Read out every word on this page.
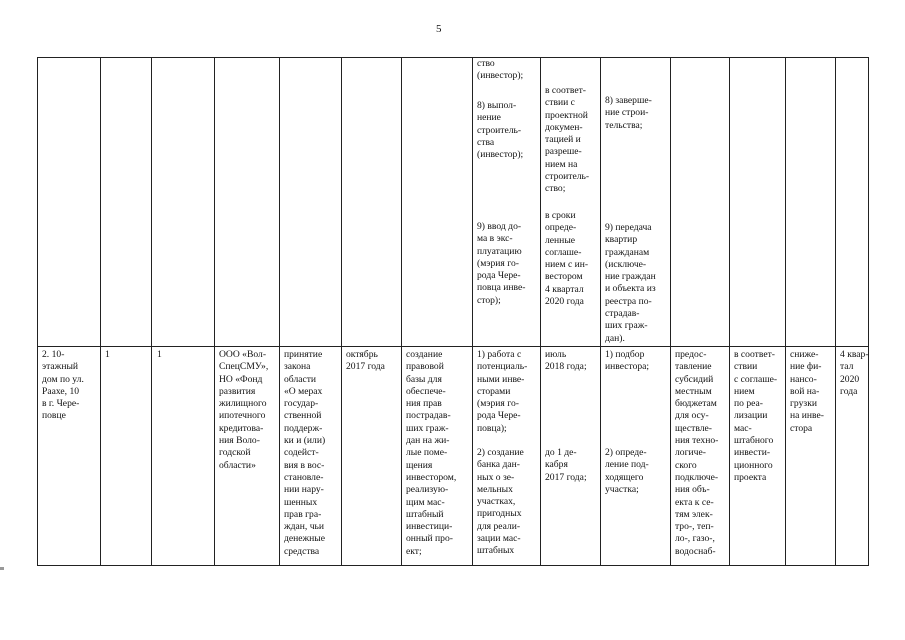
5
ство
(инвестор);
8) выпол-
нение
строитель-
ства
(инвестор);
9) ввод до-
ма в экс-
плуатацию
(мэрия го-
рода Чере-
повца инве-
стор);
в соответ-
ствии с
проектной
докумен-
тацией и
разреше-
нием на
строитель-
ство;
в сроки
опреде-
ленные
соглаше-
нием с ин-
вестором
4 квартал
2020 года
8) заверше-
ние строи-
тельства;
9) передача
квартир
гражданам
(исключе-
ние граждан
и объекта из
реестра по-
страдав-
ших граж-
дан).
2. 10-
этажный
дом по ул.
Раахе, 10
в г. Чере-
повце
1	1	ООО «Вол-
СпецСМУ»,
НО «Фонд
развития
жилищного
ипотечного
кредитова-
ния Воло-
годской
области»
принятие
закона
области
«О мерах
государ-
ственной
поддерж-
ки и (или)
содейст-
вия в вос-
становле-
нии нару-
шенных
прав гра-
ждан, чьи
денежные
средства
октябрь
2017 года
создание
правовой
базы для
обеспече-
ния прав
пострадав-
ших граж-
дан на жи-
лые поме-
щения
инвестором,
реализую-
щим мас-
штабный
инвестици-
онный про-
ект;
1) работа с
потенциаль-
ными инве-
сторами
(мэрия го-
рода Чере-
повца);
2) создание
банка дан-
ных о зе-
мельных
участках,
пригодных
для реали-
зации мас-
штабных
июль
2018 года;
до 1 де-
кабря
2017 года;
1) подбор
инвестора;
2) опреде-
ление под-
ходящего
участка;
предос-
тавление
субсидий
местным
бюджетам
для осу-
ществле-
ния техно-
логиче-
ского
подключе-
ния объ-
екта к се-
тям элек-
тро-, теп-
ло-, газо-,
водоснаб-
в соответ-
ствии
с соглаше-
нием
по реа-
лизации
мас-
штабного
инвести-
ционного
проекта
сниже-
ние фи-
нансо-
вой на-
грузки
на инве-
стора
4 квар-
тал
2020
года
